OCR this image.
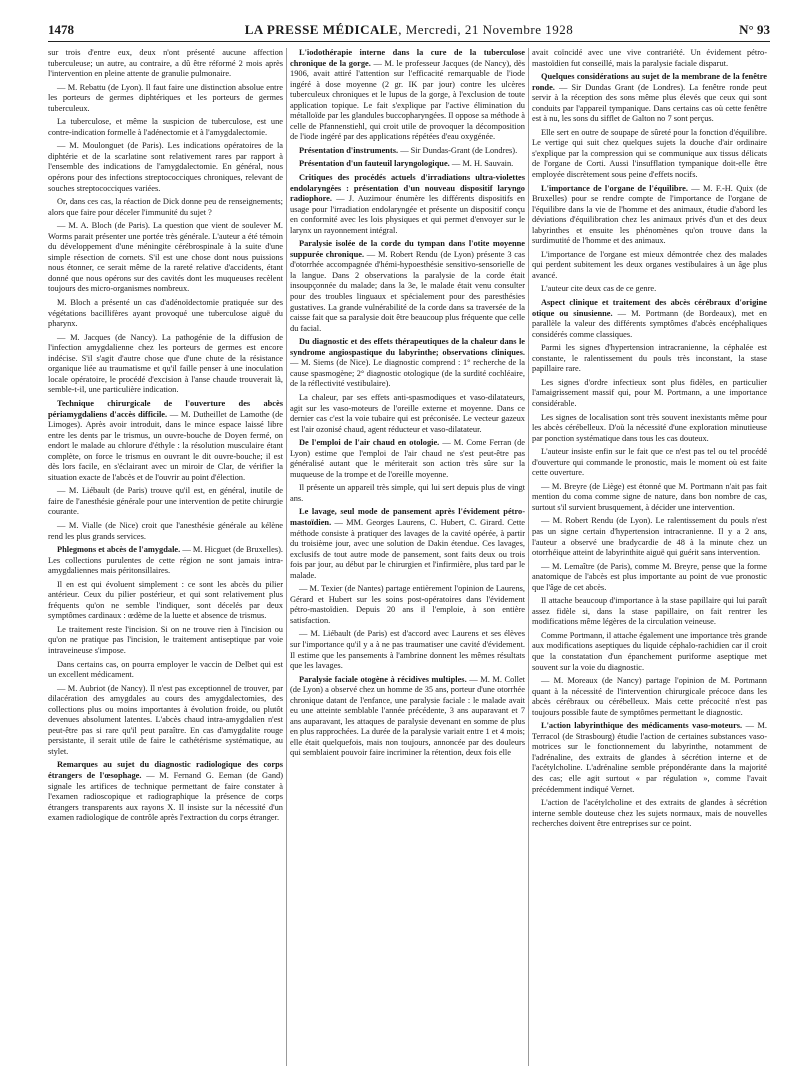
1478	LA PRESSE MÉDICALE, Mercredi, 21 Novembre 1928	N° 93

sur trois d'entre eux, deux n'ont présenté aucune affection tuberculeuse; un autre, au contraire, a dû être réformé 2 mois après l'intervention en pleine attente de granulie pulmonaire.

— M. Rebattu (de Lyon). Il faut faire une distinction absolue entre les porteurs de germes diphtériques et les porteurs de germes tuberculeux.

La tuberculose, et même la suspicion de tuberculose, est une contre-indication formelle à l'adénectomie et à l'amygdalectomie.

— M. Moulonguet (de Paris). Les indications opératoires de la diphtérie et de la scarlatine sont relativement rares par rapport à l'ensemble des indications de l'amygdalectomie. En général, nous opérons pour des infections streptococciques chroniques, relevant de souches streptococciques variées.

Or, dans ces cas, la réaction de Dick donne peu de renseignements; alors que faire pour déceler l'immunité du sujet ?

— M. A. Bloch (de Paris). La question que vient de soulever M. Worms parait présenter une portée très générale. L'auteur a été témoin du développement d'une méningite cérébrospinale à la suite d'une simple résection de cornets. S'il est une chose dont nous puissions nous étonner, ce serait même de la rareté relative d'accidents, étant donné que nous opérons sur des cavités dont les muqueuses recèlent toujours des micro-organismes nombreux.

M. Bloch a présenté un cas d'adénoïdectomie pratiquée sur des végétations bacillifères ayant provoqué une tuberculose aiguë du pharynx.

— M. Jacques (de Nancy). La pathogénie de la diffusion de l'infection amygdalienne chez les porteurs de germes est encore indécise. S'il s'agit d'autre chose que d'une chute de la résistance organique liée au traumatisme et qu'il faille penser à une inoculation locale opératoire, le procédé d'excision à l'anse chaude trouverait là, semble-t-il, une particulière indication.

Technique chirurgicale de l'ouverture des abcès périamygdaliens d'accès difficile. — M. Dutheillet de Lamothe (de Limoges). Après avoir introduit, dans le mince espace laissé libre entre les dents par le trismus, un ouvre-bouche de Doyen fermé, on endort le malade au chlorure d'éthyle : la résolution musculaire étant complète, on force le trismus en ouvrant le dit ouvre-bouche; il est dès lors facile, en s'éclairant avec un miroir de Clar, de vérifier la situation exacte de l'abcès et de l'ouvrir au point d'élection.

— M. Liébault (de Paris) trouve qu'il est, en général, inutile de faire de l'anesthésie générale pour une intervention de petite chirurgie courante.

— M. Vialle (de Nice) croit que l'anesthésie générale au kélène rend les plus grands services.

Phlegmons et abcès de l'amygdale. — M. Hicguet (de Bruxelles). Les collections purulentes de cette région ne sont jamais intra-amygdaliennes mais péritonsillaires.

Il en est qui évoluent simplement : ce sont les abcès du pilier antérieur. Ceux du pilier postérieur, et qui sont relativement plus fréquents qu'on ne semble l'indiquer, sont décelés par deux symptômes cardinaux : œdème de la luette et absence de trismus.

Le traitement reste l'incision. Si on ne trouve rien à l'incision ou qu'on ne pratique pas l'incision, le traitement antiseptique par voie intraveineuse s'impose.

Dans certains cas, on pourra employer le vaccin de Delbet qui est un excellent médicament.

— M. Aubriot (de Nancy). Il n'est pas exceptionnel de trouver, par dilacération des amygdales au cours des amygdalectomies, des collections plus ou moins importantes à évolution froide, ou plutôt devenues absolument latentes. L'abcès chaud intra-amygdalien n'est peut-être pas si rare qu'il peut paraître. En cas d'amygdalite rouge persistante, il serait utile de faire le cathétérisme systématique, au stylet.

Remarques au sujet du diagnostic radiologique des corps étrangers de l'œsophage. — M. Fernand G. Eeman (de Gand) signale les artifices de technique permettant de faire constater à l'examen radioscopique et radiographique la présence de corps étrangers transparents aux rayons X. Il insiste sur la nécessité d'un examen radiologique de contrôle après l'extraction du corps étranger.

L'iodothérapie interne dans la cure de la tuberculose chronique de la gorge. — M. le professeur Jacques (de Nancy), dès 1906, avait attiré l'attention sur l'efficacité remarquable de l'iode ingéré à dose moyenne (2 gr. IK par jour) contre les ulcères tuberculeux chroniques et le lupus de la gorge, à l'exclusion de toute application topique. Le fait s'explique par l'active élimination du métalloïde par les glandules buccopharyngées. Il oppose sa méthode à celle de Pfannenstiehl, qui croit utile de provoquer la décomposition de l'iode ingéré par des applications répétées d'eau oxygénée.

Présentation d'instruments. — Sir Dundas-Grant (de Londres).

Présentation d'un fauteuil laryngologique. — M. H. Sauvain.

Critiques des procédés actuels d'irradiations ultra-violettes endolaryngées : présentation d'un nouveau dispositif laryngo radiophore. — J. Auzimour énumère les différents dispositifs en usage pour l'irradiation endolaryngée et présente un dispositif conçu en conformité avec les lois physiques et qui permet d'envoyer sur le larynx un rayonnement intégral.

Paralysie isolée de la corde du tympan dans l'otite moyenne suppurée chronique. — M. Robert Rendu (de Lyon) présente 3 cas d'otorrhée accompagnée d'hémi-hypoesthésie sensitivo-sensorielle de la langue. Dans 2 observations la paralysie de la corde était insoupçonnée du malade; dans la 3e, le malade était venu consulter pour des troubles linguaux et spécialement pour des paresthésies gustatives. La grande vulnérabilité de la corde dans sa traversée de la caisse fait que sa paralysie doit être beaucoup plus fréquente que celle du facial.

Du diagnostic et des effets thérapeutiques de la chaleur dans le syndrome angiospastique du labyrinthe; observations cliniques. — M. Siems (de Nice). Le diagnostic comprend : 1° recherche de la cause spasmogène; 2° diagnostic otologique (de la surdité cochléaire, de la réflectivité vestibulaire).

La chaleur, par ses effets anti-spasmodiques et vaso-dilatateurs, agit sur les vaso-moteurs de l'oreille externe et moyenne. Dans ce dernier cas c'est la voie tubaire qui est préconisée. Le vecteur gazeux est l'air ozonisé chaud, agent réducteur et vaso-dilatateur.

De l'emploi de l'air chaud en otologie. — M. Come Ferran (de Lyon) estime que l'emploi de l'air chaud ne s'est peut-être pas généralisé autant que le mériterait son action très sûre sur la muqueuse de la trompe et de l'oreille moyenne.

Il présente un appareil très simple, qui lui sert depuis plus de vingt ans.

Le lavage, seul mode de pansement après l'évidement pétro-mastoïdien. — MM. Georges Laurens, C. Hubert, C. Girard. Cette méthode consiste à pratiquer des lavages de la cavité opérée, à partir du troisième jour, avec une solution de Dakin étendue. Ces lavages, exclusifs de tout autre mode de pansement, sont faits deux ou trois fois par jour, au début par le chirurgien et l'infirmière, plus tard par le malade.

— M. Texier (de Nantes) partage entièrement l'opinion de Laurens, Gérard et Hubert sur les soins post-opératoires dans l'évidement pétro-mastoïdien. Depuis 20 ans il l'emploie, à son entière satisfaction.

— M. Liébault (de Paris) est d'accord avec Laurens et ses élèves sur l'importance qu'il y a à ne pas traumatiser une cavité d'évidement. Il estime que les pansements à l'ambrine donnent les mêmes résultats que les lavages.

Paralysie faciale otogène à récidives multiples. — M. M. Collet (de Lyon) a observé chez un homme de 35 ans, porteur d'une otorrhée chronique datant de l'enfance, une paralysie faciale : le malade avait eu une atteinte semblable l'année précédente, 3 ans auparavant et 7 ans auparavant, les attaques de paralysie devenant en somme de plus en plus rapprochées. La durée de la paralysie variait entre 1 et 4 mois; elle était quelquefois, mais non toujours, annoncée par des douleurs qui semblaient pouvoir faire incriminer la rétention, deux fois elle

avait coïncidé avec une vive contrariété. Un évidement pétro-mastoïdien fut conseillé, mais la paralysie faciale disparut.

Quelques considérations au sujet de la membrane de la fenêtre ronde. — Sir Dundas Grant (de Londres). La fenêtre ronde peut servir à la réception des sons même plus élevés que ceux qui sont conduits par l'appareil tympanique. Dans certains cas où cette fenêtre est à nu, les sons du sifflet de Galton no 7 sont perçus.

Elle sert en outre de soupape de sûreté pour la fonction d'équilibre. Le vertige qui suit chez quelques sujets la douche d'air ordinaire s'explique par la compression qui se communique aux tissus délicats de l'organe de Corti. Aussi l'insufflation tympanique doit-elle être employée discrètement sous peine d'effets nocifs.

L'importance de l'organe de l'équilibre. — M. F.-H. Quix (de Bruxelles) pour se rendre compte de l'importance de l'organe de l'équilibre dans la vie de l'homme et des animaux, étudie d'abord les déviations d'équilibration chez les animaux privés d'un et des deux labyrinthes et ensuite les phénomènes qu'on trouve dans la surdimutité de l'homme et des animaux.

L'importance de l'organe est mieux démontrée chez des malades qui perdent subitement les deux organes vestibulaires à un âge plus avancé.

L'auteur cite deux cas de ce genre.

Aspect clinique et traitement des abcès cérébraux d'origine otique ou sinusienne. — M. Portmann (de Bordeaux), met en parallèle la valeur des différents symptômes d'abcès encéphaliques considérés comme classiques.

Parmi les signes d'hypertension intracranienne, la céphalée est constante, le ralentissement du pouls très inconstant, la stase papillaire rare.

Les signes d'ordre infectieux sont plus fidèles, en particulier l'amaigrissement massif qui, pour M. Portmann, a une importance considérable.

Les signes de localisation sont très souvent inexistants même pour les abcès cérébelleux. D'où la nécessité d'une exploration minutieuse par ponction systématique dans tous les cas douteux.

L'auteur insiste enfin sur le fait que ce n'est pas tel ou tel procédé d'ouverture qui commande le pronostic, mais le moment où est faite cette ouverture.

— M. Breyre (de Liège) est étonné que M. Portmann n'ait pas fait mention du coma comme signe de nature, dans bon nombre de cas, surtout s'il survient brusquement, à décider une intervention.

— M. Robert Rendu (de Lyon). Le ralentissement du pouls n'est pas un signe certain d'hypertension intracranienne. Il y a 2 ans, l'auteur a observé une bradycardie de 48 à la minute chez un otorrhéique atteint de labyrinthite aiguë qui guérit sans intervention.

— M. Lemaître (de Paris), comme M. Breyre, pense que la forme anatomique de l'abcès est plus importante au point de vue pronostic que l'âge de cet abcès.

Il attache beaucoup d'importance à la stase papillaire qui lui paraît assez fidèle si, dans la stase papillaire, on fait rentrer les modifications même légères de la circulation veineuse.

Comme Portmann, il attache également une importance très grande aux modifications aseptiques du liquide céphalo-rachidien car il croit que la constatation d'un épanchement puriforme aseptique met souvent sur la voie du diagnostic.

— M. Moreaux (de Nancy) partage l'opinion de M. Portmann quant à la nécessité de l'intervention chirurgicale précoce dans les abcès cérébraux ou cérébelleux. Mais cette précocité n'est pas toujours possible faute de symptômes permettant le diagnostic.

L'action labyrinthique des médicaments vaso-moteurs. — M. Terracol (de Strasbourg) étudie l'action de certaines substances vaso-motrices sur le fonctionnement du labyrinthe, notamment de l'adrénaline, des extraits de glandes à sécrétion interne et de l'acétylcholine. L'adrénaline semble prépondérante dans la majorité des cas; elle agit surtout « par régulation », comme l'avait précédemment indiqué Vernet.

L'action de l'acétylcholine et des extraits de glandes à sécrétion interne semble douteuse chez les sujets normaux, mais de nouvelles recherches doivent être entreprises sur ce point.
